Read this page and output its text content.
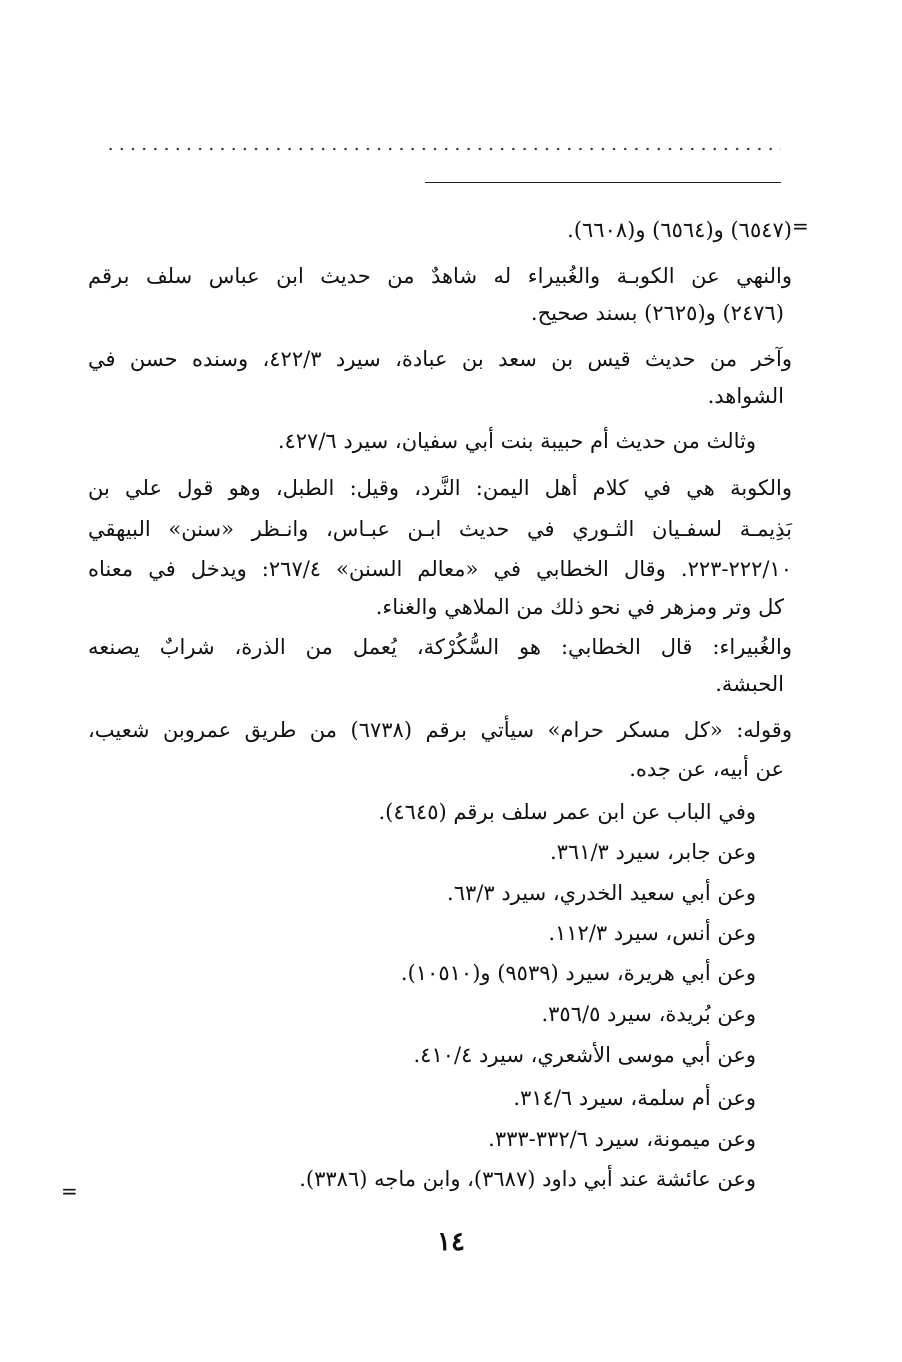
=
=
(٦٥٤٧) و(٦٥٦٤) و(٦٦٠٨).
والنهي عن الكوبـة والغُبيراء له شاهدٌ من حديث ابن عباس سلف برقم
(٢٤٧٦) و(٢٦٢٥) بسند صحيح.
وآخر من حديث قيس بن سعد بن عبادة، سيرد ٤٢٢/٣، وسنده حسن في
الشواهد.
وثالث من حديث أم حبيبة بنت أبي سفيان، سيرد ٤٢٧/٦.
والكوبة هي في كلام أهل اليمن: النَّرد، وقيل: الطبل، وهو قول علي بن
بَذِيمـة لسفـيان الثـوري في حديث ابـن عبـاس، وانـظر «سنن» البيهقي
٢٢٢/١٠-٢٢٣. وقال الخطابي في «معالم السنن» ٢٦٧/٤: ويدخل في معناه
كل وتر ومزهر في نحو ذلك من الملاهي والغناء.
والغُبيراء: قال الخطابي: هو السُّكُرْكة، يُعمل من الذرة، شرابٌ يصنعه
الحبشة.
وقوله: «كل مسكر حرام» سيأتي برقم (٦٧٣٨) من طريق عمروبن شعيب،
عن أبيه، عن جده.
وفي الباب عن ابن عمر سلف برقم (٤٦٤٥).
وعن جابر، سيرد ٣٦١/٣.
وعن أبي سعيد الخدري، سيرد ٦٣/٣.
وعن أنس، سيرد ١١٢/٣.
وعن أبي هريرة، سيرد (٩٥٣٩) و(١٠٥١٠).
وعن بُريدة، سيرد ٣٥٦/٥.
وعن أبي موسى الأشعري، سيرد ٤١٠/٤.
وعن أم سلمة، سيرد ٣١٤/٦.
وعن ميمونة، سيرد ٣٣٢/٦-٣٣٣.
وعن عائشة عند أبي داود (٣٦٨٧)، وابن ماجه (٣٣٨٦).
١٤
